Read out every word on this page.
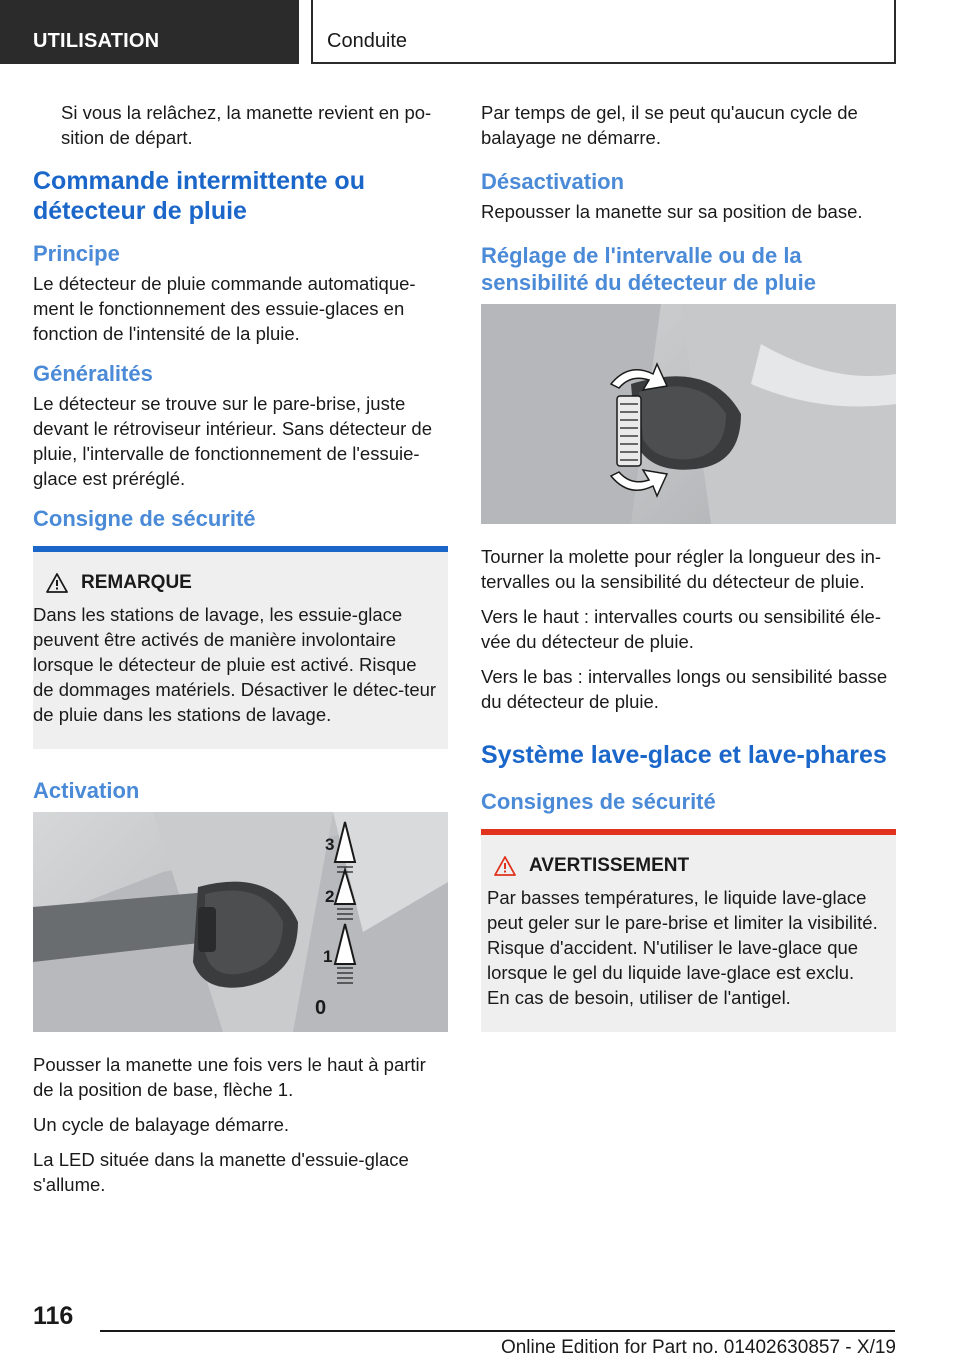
UTILISATION	Conduite

Si vous la relâchez, la manette revient en po-sition de départ.

Commande intermittente ou détecteur de pluie
Principe

Le détecteur de pluie commande automatique-ment le fonctionnement des essuie-glaces en fonction de l'intensité de la pluie.

Généralités

Le détecteur se trouve sur le pare-brise, juste devant le rétroviseur intérieur. Sans détecteur de pluie, l'intervalle de fonctionnement de l'essuie-glace est préréglé.

Consigne de sécurité
REMARQUE

Dans les stations de lavage, les essuie-glace peuvent être activés de manière involontaire lorsque le détecteur de pluie est activé. Risque de dommages matériels. Désactiver le détec-teur de pluie dans les stations de lavage.

Activation
3
2
1
0

Pousser la manette une fois vers le haut à partir de la position de base, flèche 1.

Un cycle de balayage démarre.

La LED située dans la manette d'essuie-glace s'allume.

Par temps de gel, il se peut qu'aucun cycle de balayage ne démarre.

Désactivation

Repousser la manette sur sa position de base.

Réglage de l'intervalle ou de la sensibilité du détecteur de pluie

Tourner la molette pour régler la longueur des in-tervalles ou la sensibilité du détecteur de pluie.

Vers le haut : intervalles courts ou sensibilité éle-vée du détecteur de pluie.

Vers le bas : intervalles longs ou sensibilité basse du détecteur de pluie.

Système lave-glace et lave-phares
Consignes de sécurité
AVERTISSEMENT

Par basses températures, le liquide lave-glace peut geler sur le pare-brise et limiter la visibilité. Risque d'accident. N'utiliser le lave-glace que lorsque le gel du liquide lave-glace est exclu.

En cas de besoin, utiliser de l'antigel.

116
Online Edition for Part no. 01402630857 - X/19
